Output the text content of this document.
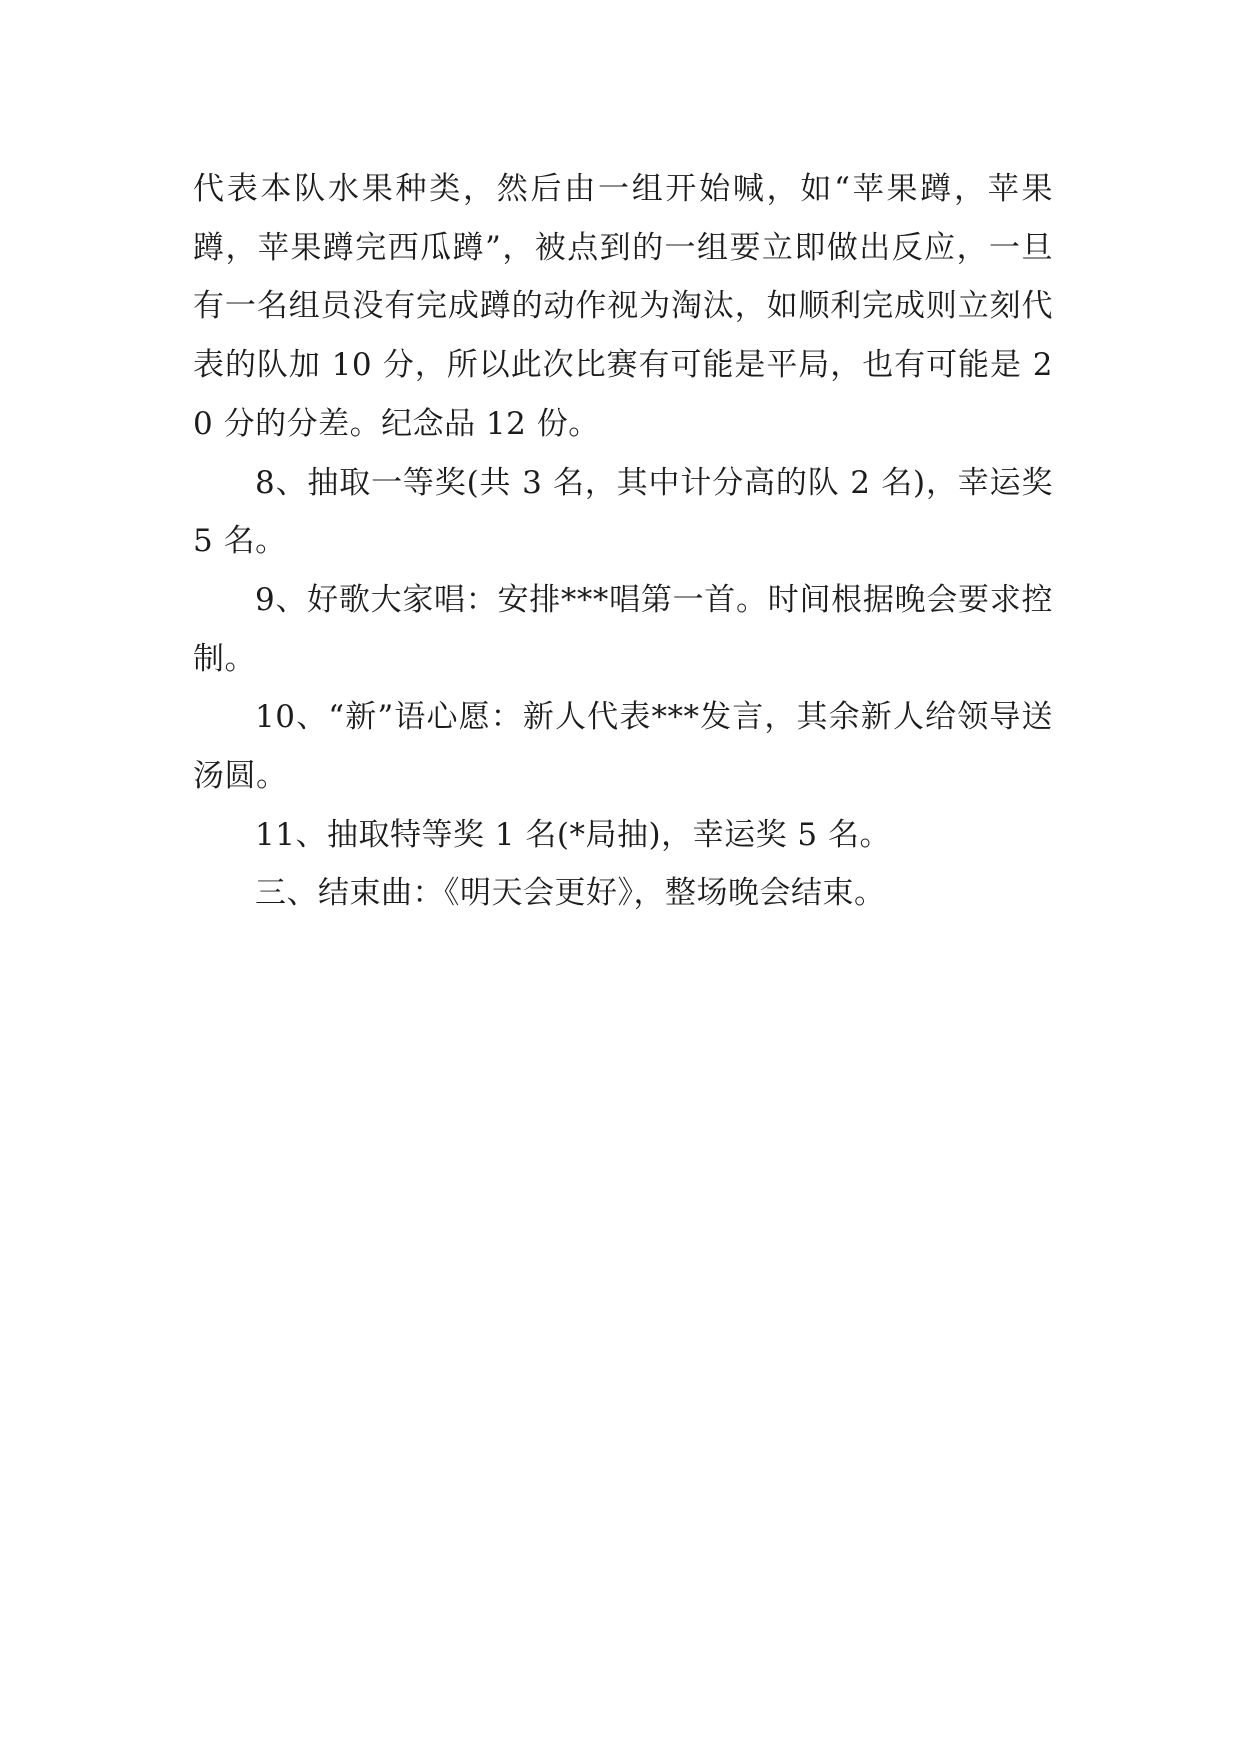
代表本队水果种类，然后由一组开始喊，如“苹果蹲，苹果蹲，苹果蹲完西瓜蹲”，被点到的一组要立即做出反应，一旦有一名组员没有完成蹲的动作视为淘汰，如顺利完成则立刻代表的队加 10 分，所以此次比赛有可能是平局，也有可能是 20 分的分差。纪念品 12 份。

8、抽取一等奖(共 3 名，其中计分高的队 2 名)，幸运奖 5 名。

9、好歌大家唱：安排***唱第一首。时间根据晚会要求控制。

10、“新”语心愿：新人代表***发言，其余新人给领导送汤圆。

11、抽取特等奖 1 名(*局抽)，幸运奖 5 名。

三、结束曲：《明天会更好》，整场晚会结束。
